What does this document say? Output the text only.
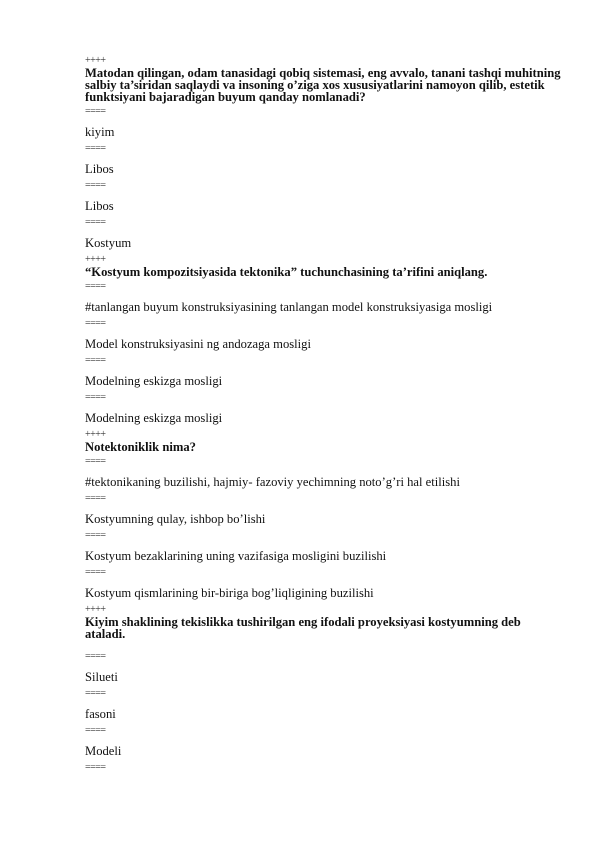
++++
Matodan qilingan, odam tanasidagi qobiq sistemasi, eng avvalo, tanani tashqi muhitning salbiy ta’siridan saqlaydi va insoning o’ziga xos xususiyatlarini namoyon qilib, estetik funktsiyani bajaradigan buyum qanday nomlanadi?
====
kiyim
====
Libos
====
Libos
====
Kostyum
++++
“Kostyum kompozitsiyasida tektonika” tuchunchasining ta’rifini aniqlang.
====
#tanlangan buyum konstruksiyasining tanlangan model konstruksiyasiga mosligi
====
Model konstruksiyasini ng andozaga mosligi
====
Modelning eskizga mosligi
====
Modelning eskizga mosligi
++++
Notektoniklik nima?
====
#tektonikaning buzilishi, hajmiy- fazoviy yechimning noto’g’ri hal etilishi
====
Kostyumning qulay, ishbop bo’lishi
====
Kostyum bezaklarining uning vazifasiga mosligini buzilishi
====
Kostyum qismlarining bir-biriga bog’liqligining buzilishi
++++
Kiyim shaklining tekislikka tushirilgan eng ifodali proyeksiyasi kostyumning deb ataladi.
====
Silueti
====
fasoni
====
Modeli
====
